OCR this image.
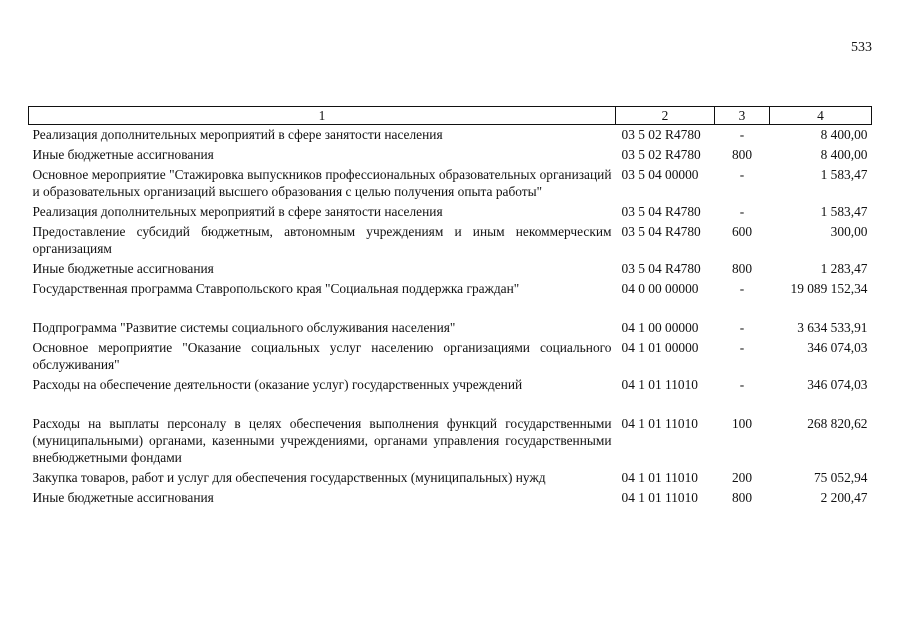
533
1	2	3	4
Реализация дополнительных мероприятий в сфере занятости населения	03 5 02 R4780	-	8 400,00
Иные бюджетные ассигнования	03 5 02 R4780	800	8 400,00
Основное мероприятие "Стажировка выпускников профессиональных образовательных организаций и образовательных организаций высшего образования с целью получения опыта работы"	03 5 04 00000	-	1 583,47
Реализация дополнительных мероприятий в сфере занятости населения	03 5 04 R4780	-	1 583,47
Предоставление субсидий бюджетным, автономным учреждениям и иным некоммерческим организациям	03 5 04 R4780	600	300,00
Иные бюджетные ассигнования	03 5 04 R4780	800	1 283,47
Государственная программа Ставропольского края "Социальная поддержка граждан"	04 0 00 00000	-	19 089 152,34
Подпрограмма "Развитие системы социального обслуживания населения"	04 1 00 00000	-	3 634 533,91
Основное мероприятие "Оказание социальных услуг населению организациями социального обслуживания"	04 1 01 00000	-	346 074,03
Расходы на обеспечение деятельности (оказание услуг) государственных учреждений	04 1 01 11010	-	346 074,03
Расходы на выплаты персоналу в целях обеспечения выполнения функций государственными (муниципальными) органами, казенными учреждениями, органами управления государственными внебюджетными фондами	04 1 01 11010	100	268 820,62
Закупка товаров, работ и услуг для обеспечения государственных (муниципальных) нужд	04 1 01 11010	200	75 052,94
Иные бюджетные ассигнования	04 1 01 11010	800	2 200,47
